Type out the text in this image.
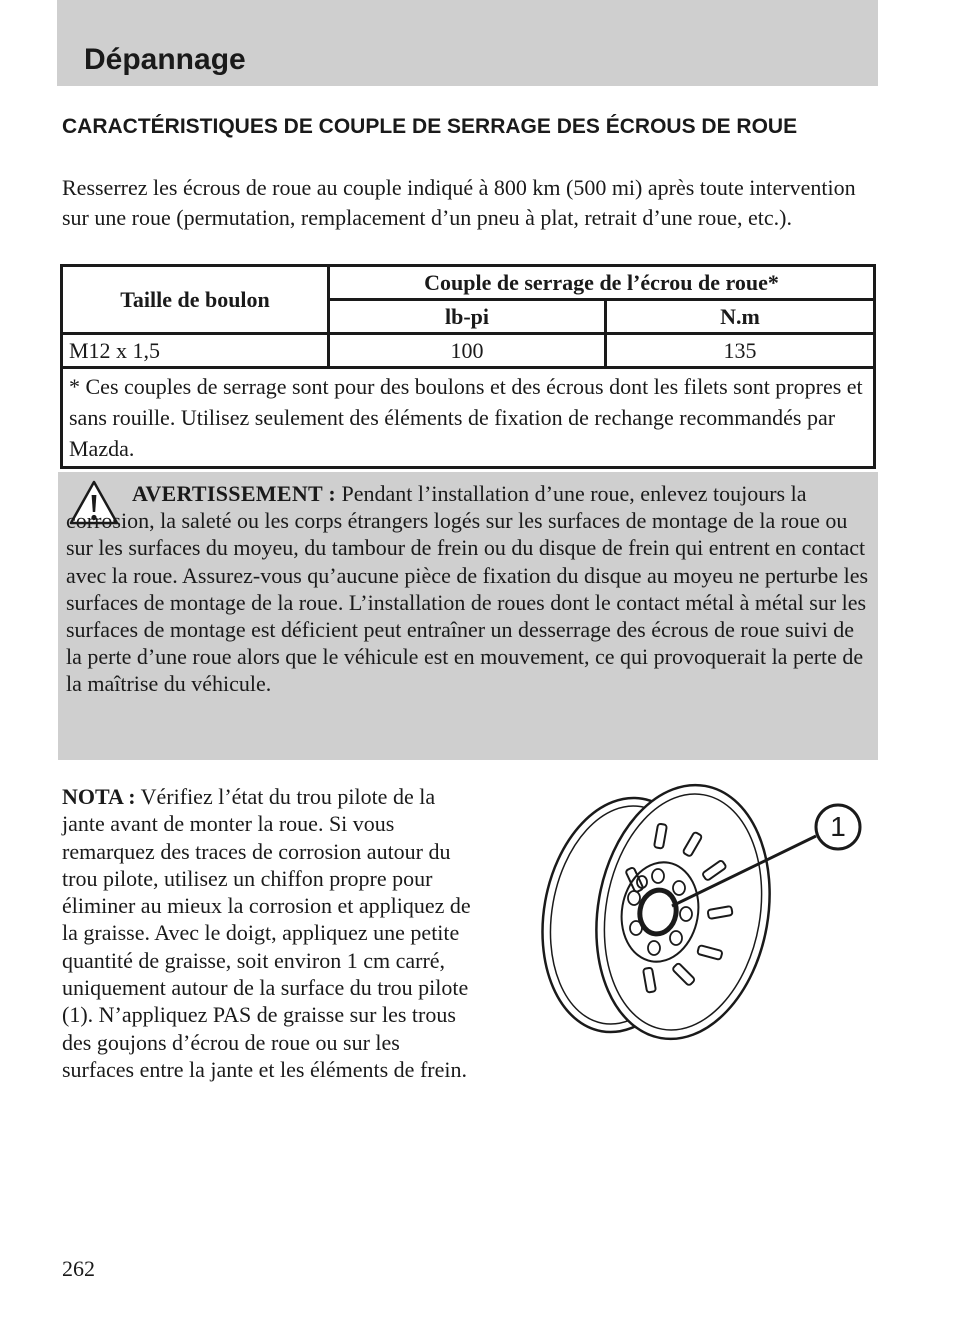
Dépannage
CARACTÉRISTIQUES DE COUPLE DE SERRAGE DES ÉCROUS DE ROUE

Resserrez les écrous de roue au couple indiqué à 800 km (500 mi) après toute intervention sur une roue (permutation, remplacement d’un pneu à plat, retrait d’une roue, etc.).

Taille de boulon	Couple de serrage de l’écrou de roue*	
	lb-pi	N.m
M12 x 1,5	100	135
* Ces couples de serrage sont pour des boulons et des écrous dont les filets sont propres et sans rouille. Utilisez seulement des éléments de fixation de rechange recommandés par Mazda.		

AVERTISSEMENT : Pendant l’installation d’une roue, enlevez toujours la corrosion, la saleté ou les corps étrangers logés sur les surfaces de montage de la roue ou sur les surfaces du moyeu, du tambour de frein ou du disque de frein qui entrent en contact avec la roue. Assurez-vous qu’aucune pièce de fixation du disque au moyeu ne perturbe les surfaces de montage de la roue. L’installation de roues dont le contact métal à métal sur les surfaces de montage est déficient peut entraîner un desserrage des écrous de roue suivi de la perte d’une roue alors que le véhicule est en mouvement, ce qui provoquerait la perte de la maîtrise du véhicule.

NOTA : Vérifiez l’état du trou pilote de la jante avant de monter la roue. Si vous remarquez des traces de corrosion autour du trou pilote, utilisez un chiffon propre pour éliminer au mieux la corrosion et appliquez de la graisse. Avec le doigt, appliquez une petite quantité de graisse, soit environ 1 cm carré, uniquement autour de la surface du trou pilote (1). N’appliquez PAS de graisse sur les trous des goujons d’écrou de roue ou sur les surfaces entre la jante et les éléments de frein.

1

262
